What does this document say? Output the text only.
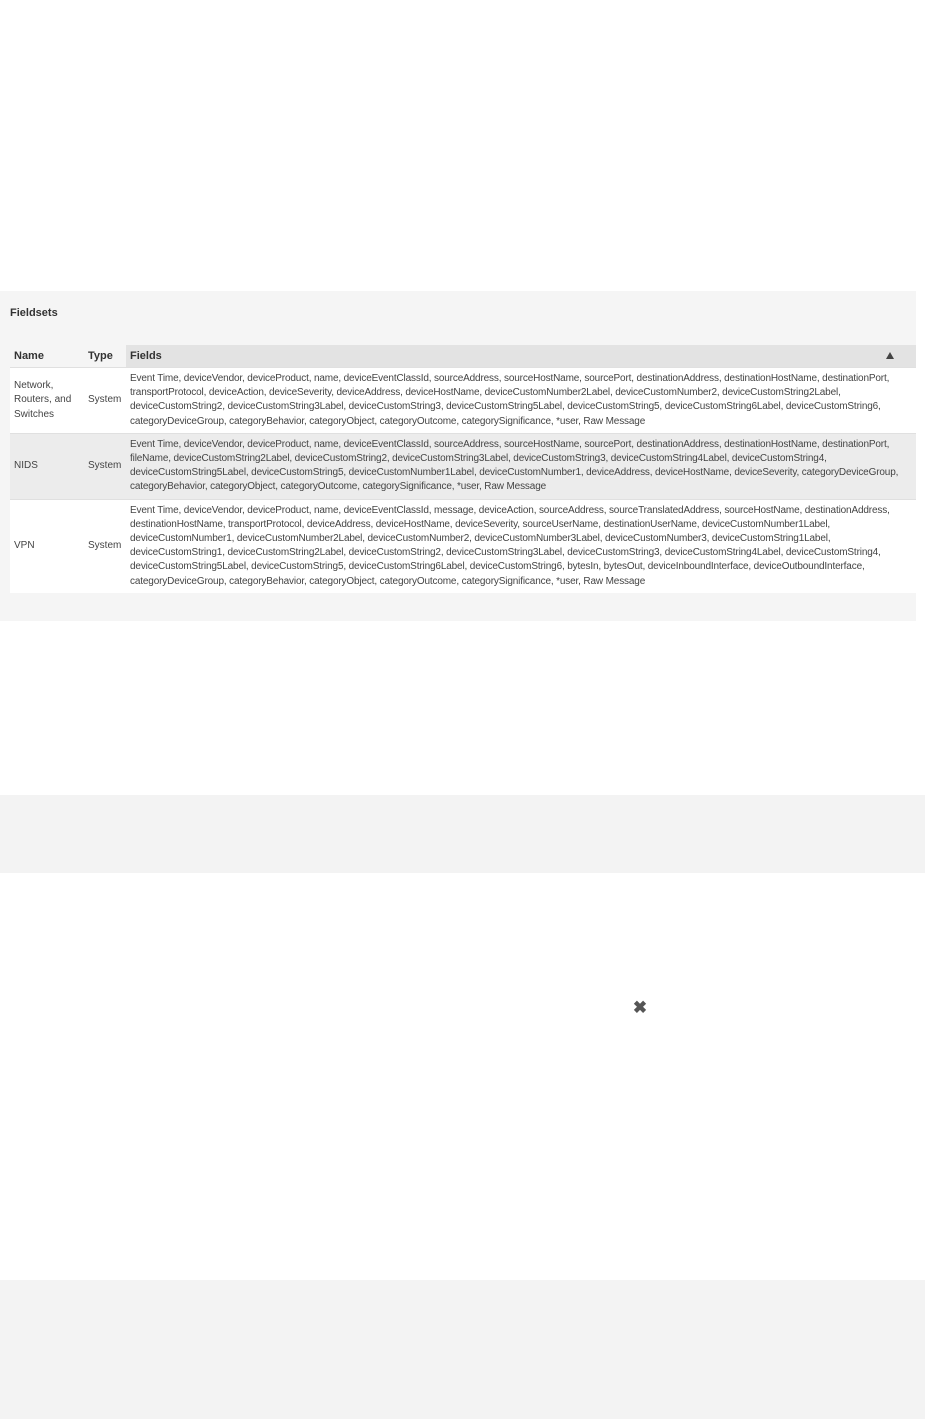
Fieldsets
Name	Type	Fields

Network, Routers, and Switches	System	Event Time, deviceVendor, deviceProduct, name, deviceEventClassId, sourceAddress, sourceHostName, sourcePort, destinationAddress, destinationHostName, destinationPort, transportProtocol, deviceAction, deviceSeverity, deviceAddress, deviceHostName, deviceCustomNumber2Label, deviceCustomNumber2, deviceCustomString2Label, deviceCustomString2, deviceCustomString3Label, deviceCustomString3, deviceCustomString5Label, deviceCustomString5, deviceCustomString6Label, deviceCustomString6, categoryDeviceGroup, categoryBehavior, categoryObject, categoryOutcome, categorySignificance, *user, Raw Message
NIDS	System	Event Time, deviceVendor, deviceProduct, name, deviceEventClassId, sourceAddress, sourceHostName, sourcePort, destinationAddress, destinationHostName, destinationPort, fileName, deviceCustomString2Label, deviceCustomString2, deviceCustomString3Label, deviceCustomString3, deviceCustomString4Label, deviceCustomString4, deviceCustomString5Label, deviceCustomString5, deviceCustomNumber1Label, deviceCustomNumber1, deviceAddress, deviceHostName, deviceSeverity, categoryDeviceGroup, categoryBehavior, categoryObject, categoryOutcome, categorySignificance, *user, Raw Message
VPN	System	Event Time, deviceVendor, deviceProduct, name, deviceEventClassId, message, deviceAction, sourceAddress, sourceTranslatedAddress, sourceHostName, destinationAddress, destinationHostName, transportProtocol, deviceAddress, deviceHostName, deviceSeverity, sourceUserName, destinationUserName, deviceCustomNumber1Label, deviceCustomNumber1, deviceCustomNumber2Label, deviceCustomNumber2, deviceCustomNumber3Label, deviceCustomNumber3, deviceCustomString1Label, deviceCustomString1, deviceCustomString2Label, deviceCustomString2, deviceCustomString3Label, deviceCustomString3, deviceCustomString4Label, deviceCustomString4, deviceCustomString5Label, deviceCustomString5, deviceCustomString6Label, deviceCustomString6, bytesIn, bytesOut, deviceInboundInterface, deviceOutboundInterface, categoryDeviceGroup, categoryBehavior, categoryObject, categoryOutcome, categorySignificance, *user, Raw Message
✖
